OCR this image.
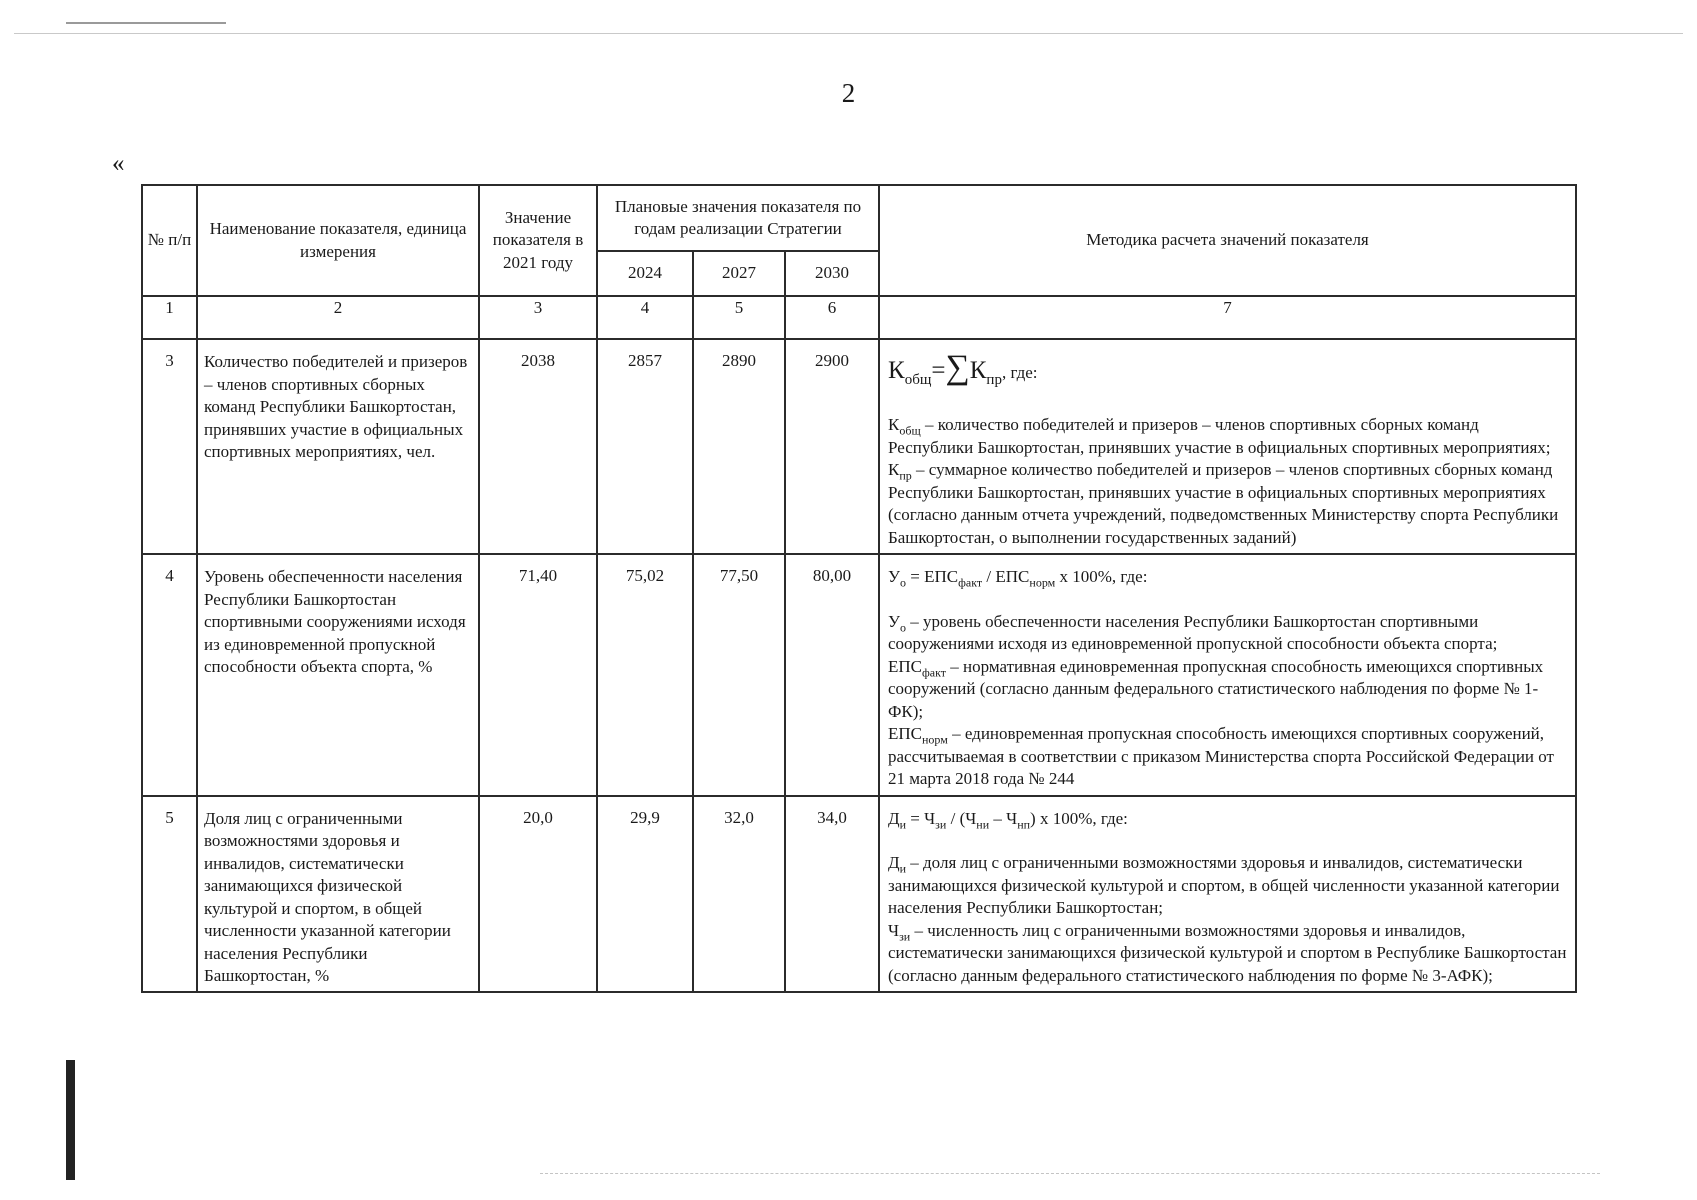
2
«
№ п/п	Наименование показателя, единица измерения	Значение показателя в 2021 году	Плановые значения показателя по годам реализации Стратегии			Методика расчета значений показателя
			2024	2027	2030	
1	2	3	4	5	6	7
3	Количество победителей и призеров – членов спортивных сборных команд Республики Башкортостан, принявших участие в официальных спортивных мероприятиях, чел.	2038	2857	2890	2900	$К_{общ}=\sum К_{пр}$, где:
$К_{общ}$ – количество победителей и призеров – членов спортивных сборных команд Республики Башкортостан, принявших участие в официальных спортивных мероприятиях;
$К_{пр}$ – суммарное количество победителей и призеров – членов спортивных сборных команд Республики Башкортостан, принявших участие в официальных спортивных мероприятиях (согласно данным отчета учреждений, подведомственных Министерству спорта Республики Башкортостан, о выполнении государственных заданий)

4	Уровень обеспеченности населения Республики Башкортостан спортивными сооружениями исходя из единовременной пропускной способности объекта спорта, %	71,40	75,02	77,50	80,00	$У_о = ЕПС_{факт} / ЕПС_{норм}$ x 100%, где:
$У_о$ – уровень обеспеченности населения Республики Башкортостан спортивными сооружениями исходя из единовременной пропускной способности объекта спорта;
$ЕПС_{факт}$ – нормативная единовременная пропускная способность имеющихся спортивных сооружений (согласно данным федерального статистического наблюдения по форме № 1-ФК);
$ЕПС_{норм}$ – единовременная пропускная способность имеющихся спортивных сооружений, рассчитываемая в соответствии с приказом Министерства спорта Российской Федерации от 21 марта 2018 года № 244

5	Доля лиц с ограниченными возможностями здоровья и инвалидов, систематически занимающихся физической культурой и спортом, в общей численности указанной категории населения Республики Башкортостан, %	20,0	29,9	32,0	34,0	$Д_и = Ч_{зи} / (Ч_{ни} - Ч_{нп})$ x 100%, где:
$Д_и$ – доля лиц с ограниченными возможностями здоровья и инвалидов, систематически занимающихся физической культурой и спортом, в общей численности указанной категории населения Республики Башкортостан;
$Ч_{зи}$ – численность лиц с ограниченными возможностями здоровья и инвалидов, систематически занимающихся физической культурой и спортом в Республике Башкортостан (согласно данным федерального статистического наблюдения по форме № 3-АФК);
